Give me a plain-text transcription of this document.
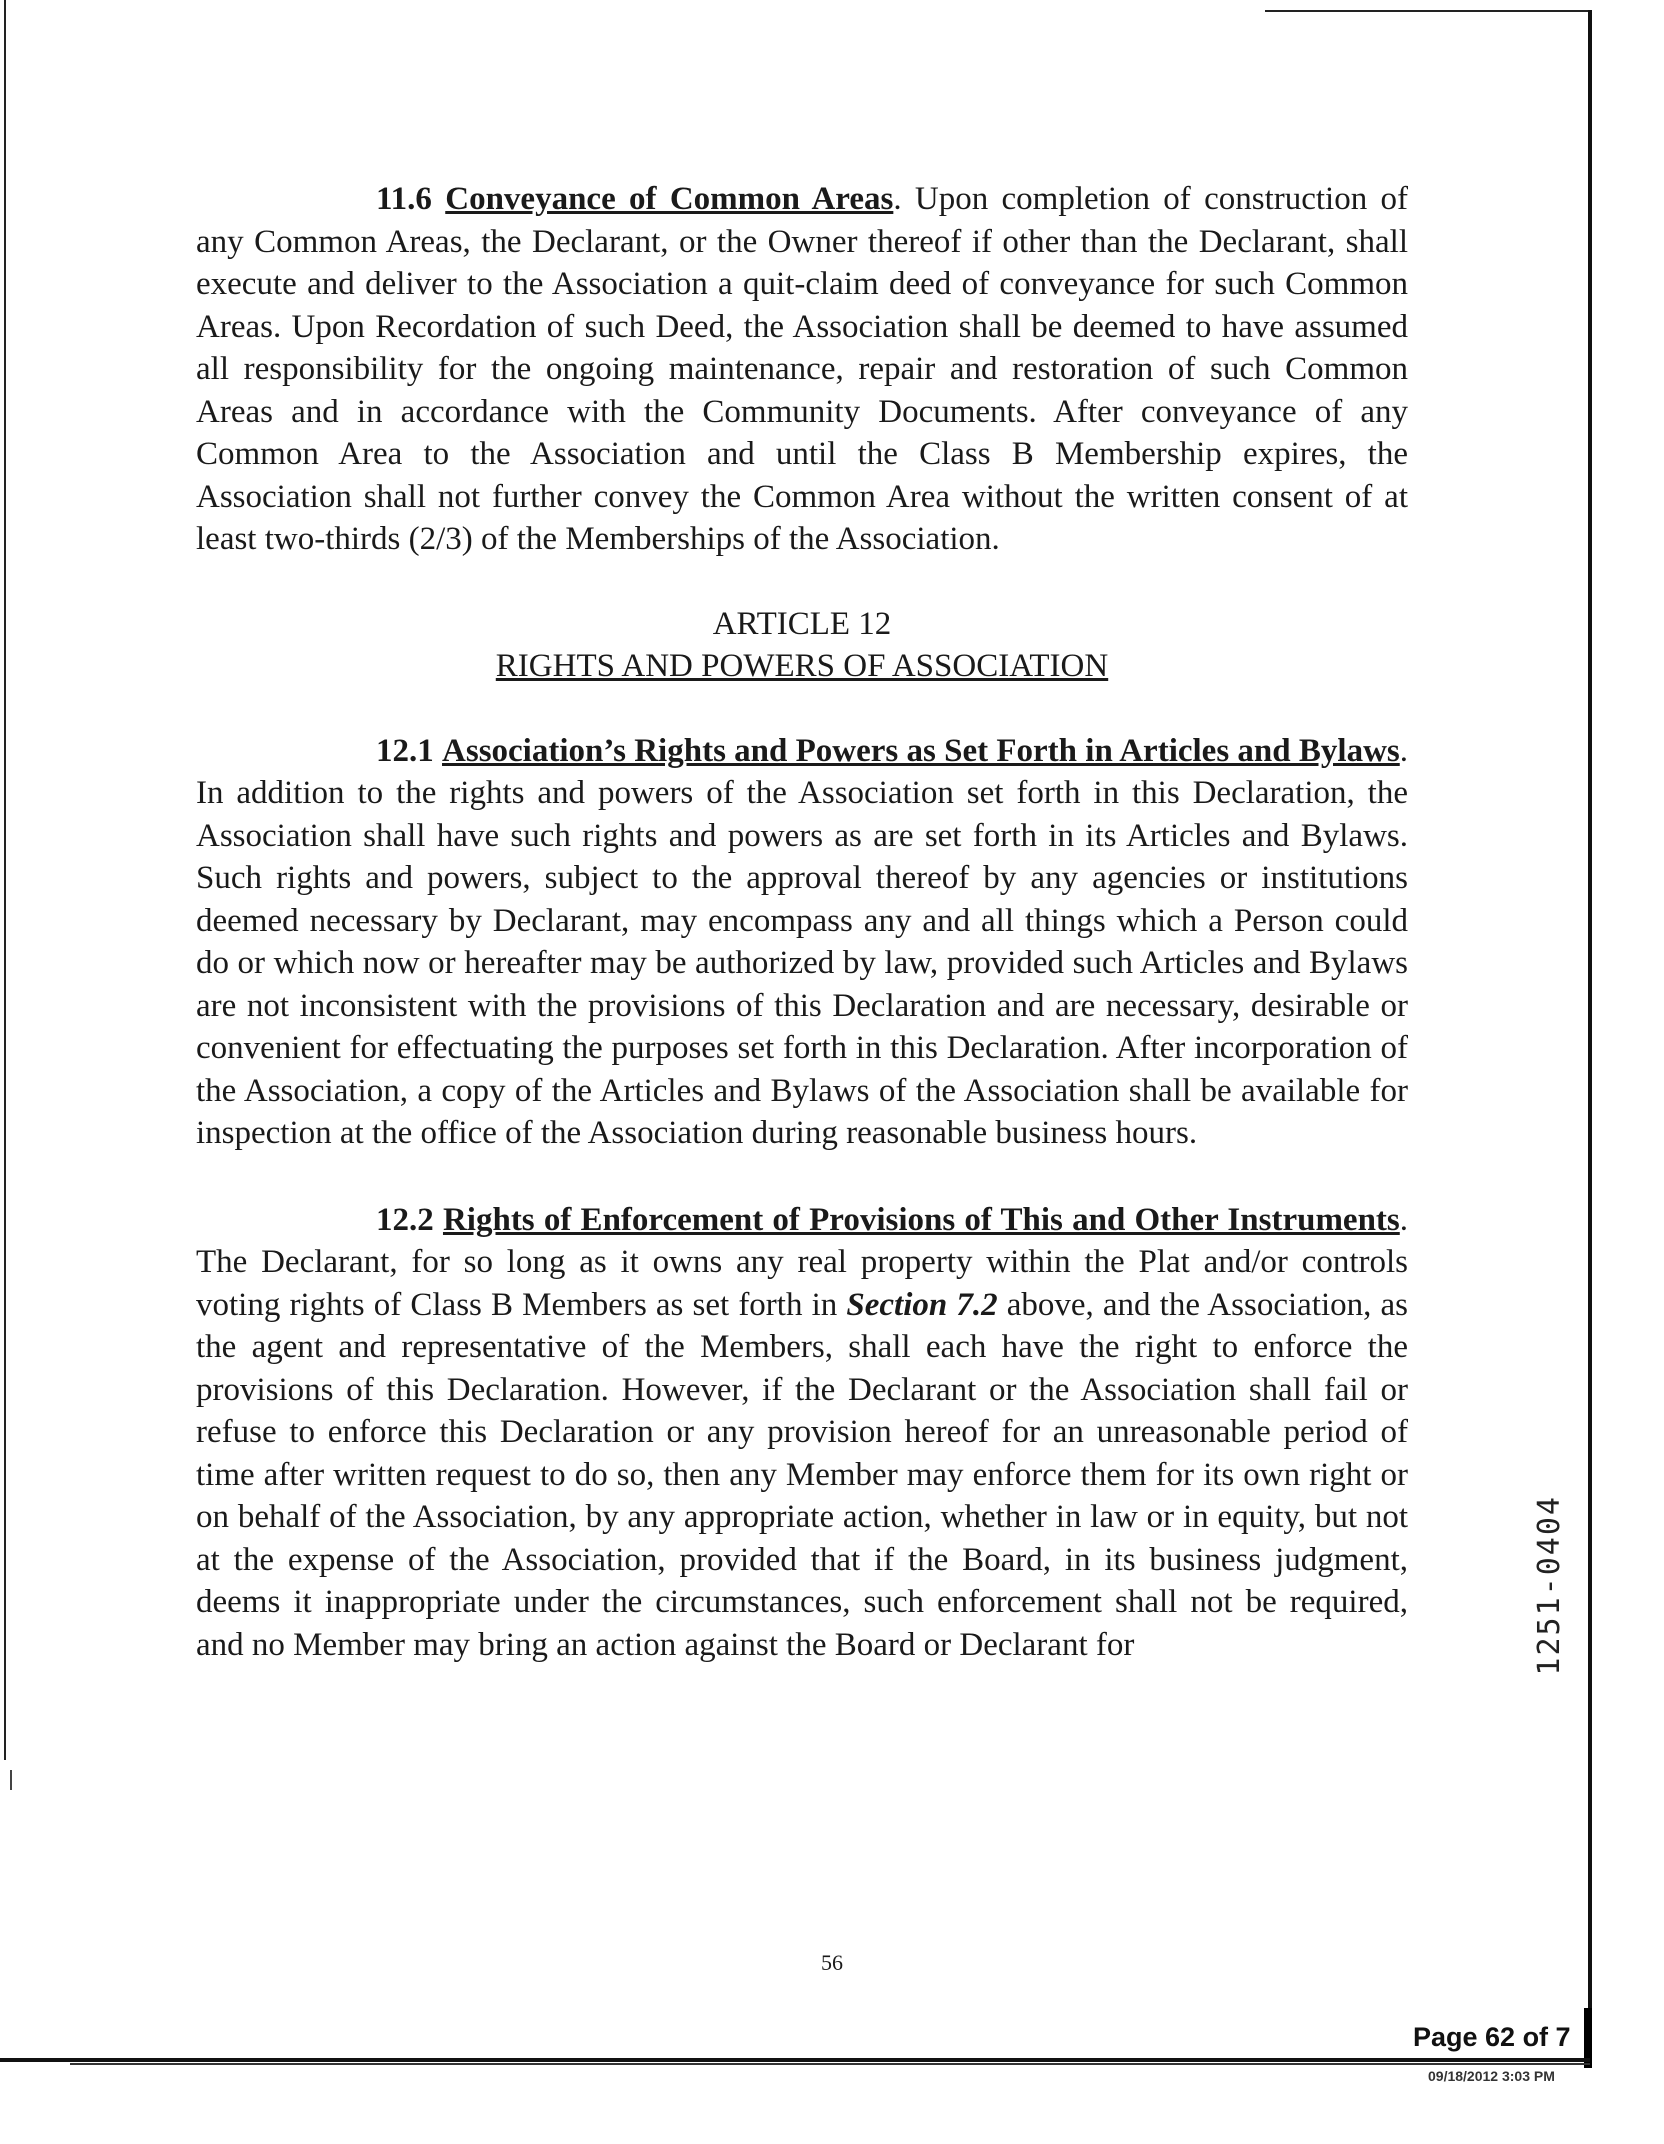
11.6 Conveyance of Common Areas. Upon completion of construction of any Common Areas, the Declarant, or the Owner thereof if other than the Declarant, shall execute and deliver to the Association a quit-claim deed of conveyance for such Common Areas. Upon Recordation of such Deed, the Association shall be deemed to have assumed all responsibility for the ongoing maintenance, repair and restoration of such Common Areas and in accordance with the Community Documents. After conveyance of any Common Area to the Association and until the Class B Membership expires, the Association shall not further convey the Common Area without the written consent of at least two-thirds (2/3) of the Memberships of the Association.

ARTICLE 12
RIGHTS AND POWERS OF ASSOCIATION

12.1 Association’s Rights and Powers as Set Forth in Articles and Bylaws. In addition to the rights and powers of the Association set forth in this Declaration, the Association shall have such rights and powers as are set forth in its Articles and Bylaws. Such rights and powers, subject to the approval thereof by any agencies or institutions deemed necessary by Declarant, may encompass any and all things which a Person could do or which now or hereafter may be authorized by law, provided such Articles and Bylaws are not inconsistent with the provisions of this Declaration and are necessary, desirable or convenient for effectuating the purposes set forth in this Declaration. After incorporation of the Association, a copy of the Articles and Bylaws of the Association shall be available for inspection at the office of the Association during reasonable business hours.

12.2 Rights of Enforcement of Provisions of This and Other Instruments. The Declarant, for so long as it owns any real property within the Plat and/or controls voting rights of Class B Members as set forth in Section 7.2 above, and the Association, as the agent and representative of the Members, shall each have the right to enforce the provisions of this Declaration. However, if the Declarant or the Association shall fail or refuse to enforce this Declaration or any provision hereof for an unreasonable period of time after written request to do so, then any Member may enforce them for its own right or on behalf of the Association, by any appropriate action, whether in law or in equity, but not at the expense of the Association, provided that if the Board, in its business judgment, deems it inappropriate under the circumstances, such enforcement shall not be required, and no Member may bring an action against the Board or Declarant for	1251-0404
56
Page 62 of 7
09/18/2012 3:03 PM
